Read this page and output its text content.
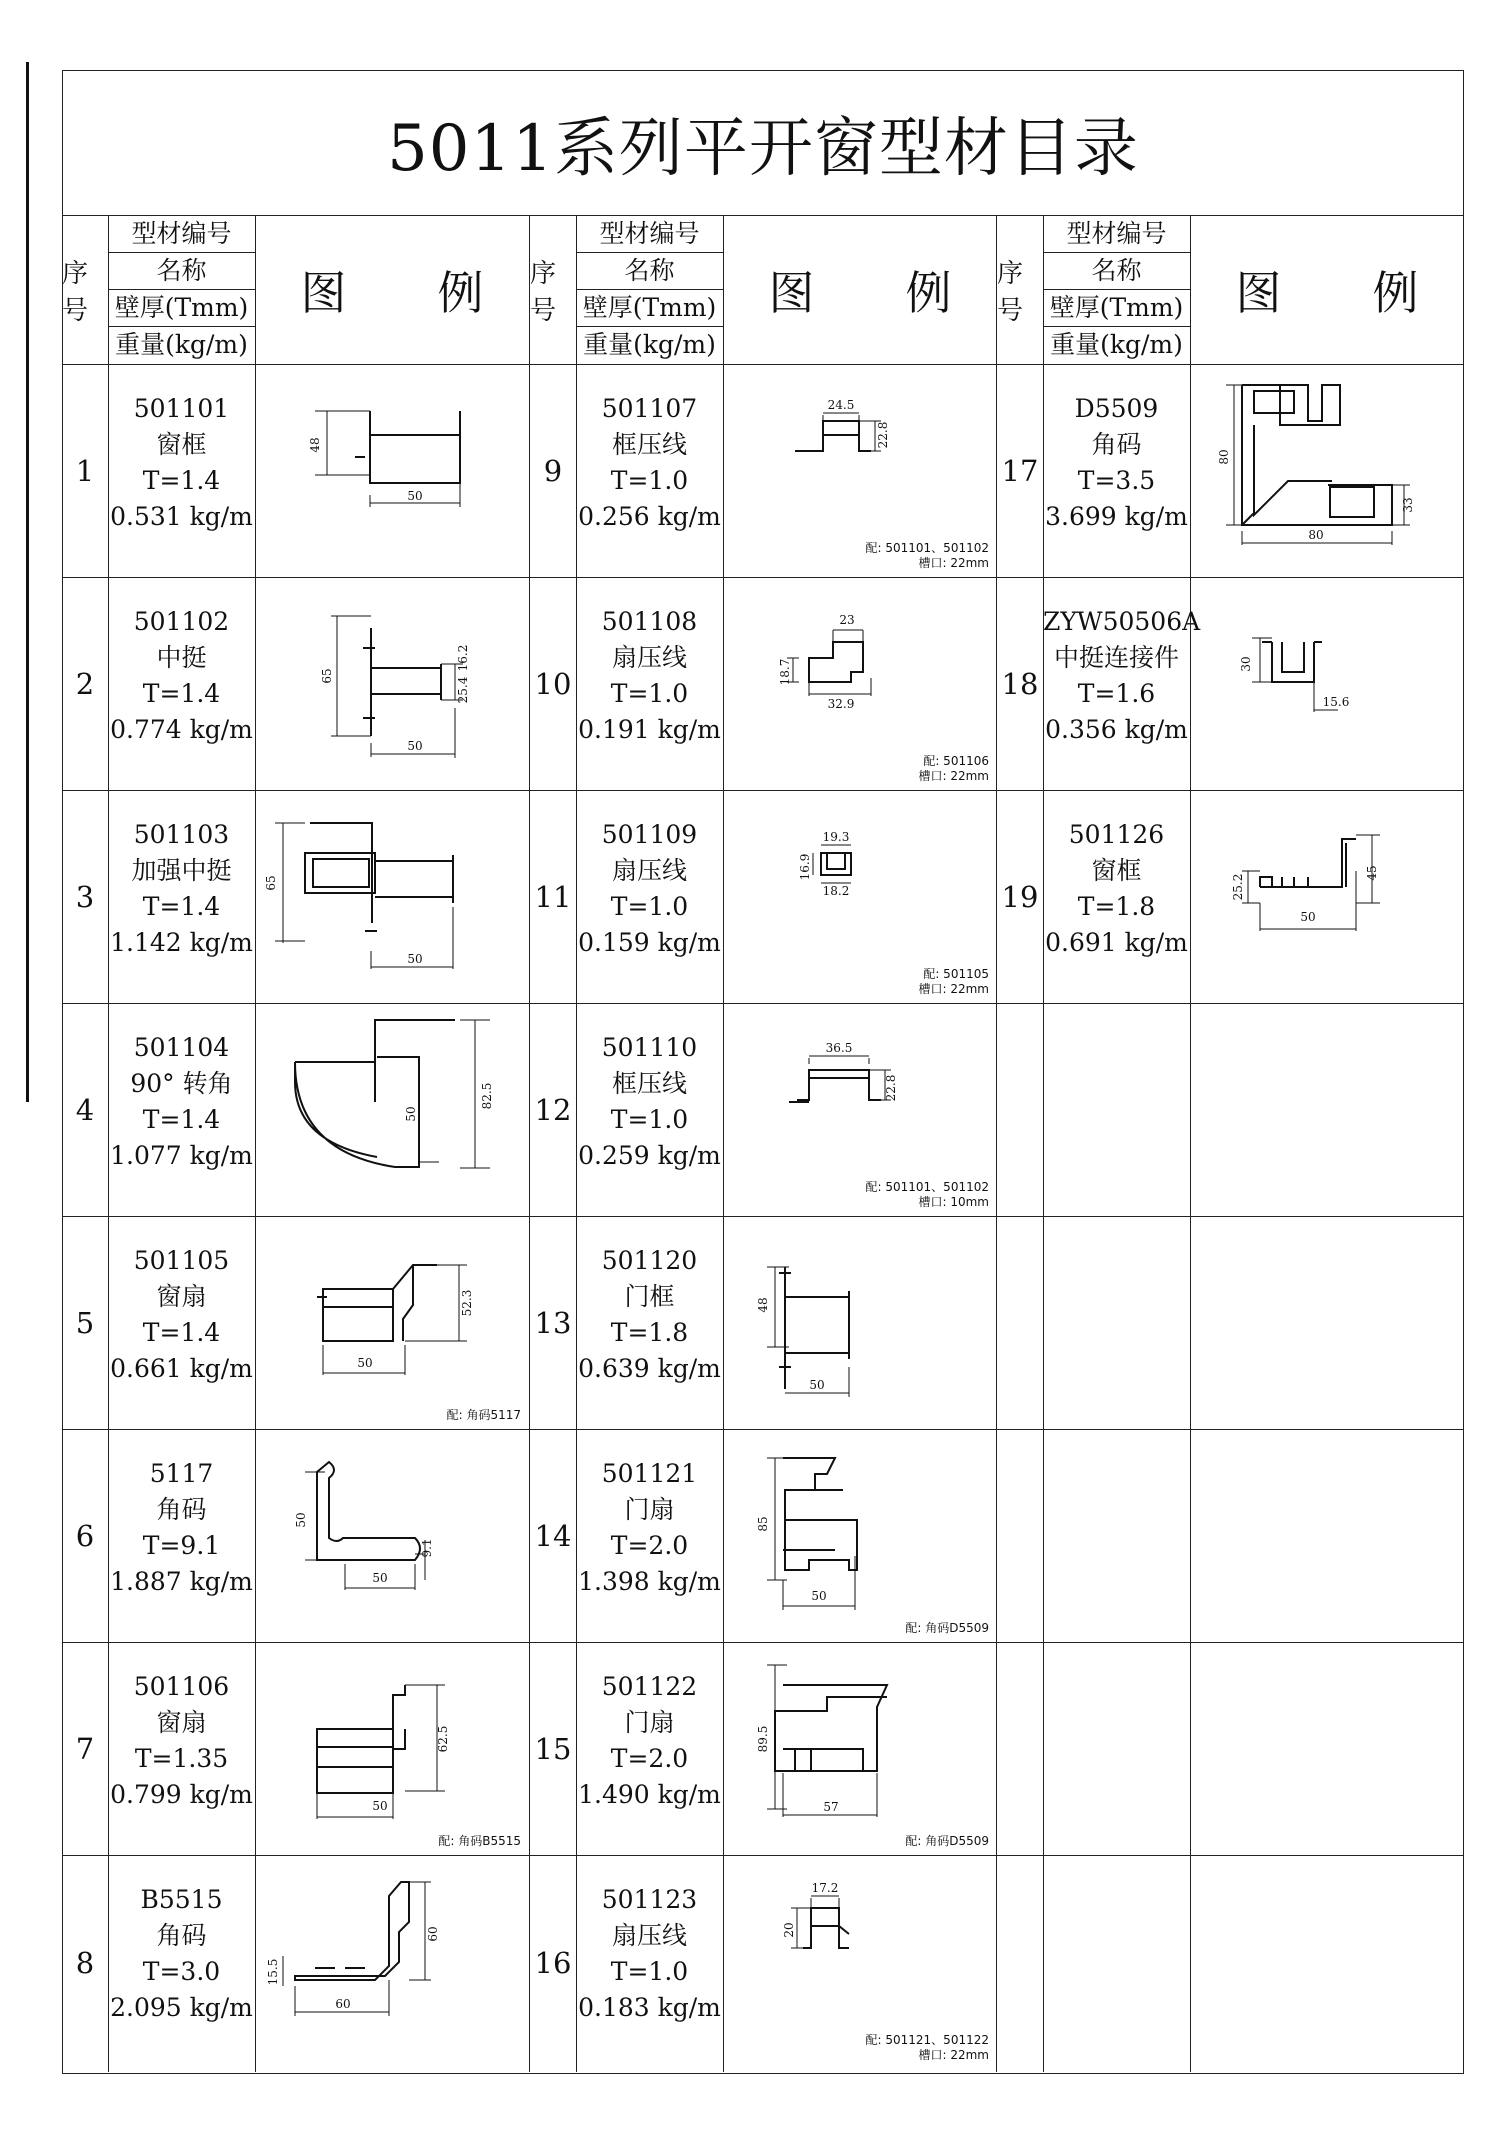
5011系列平开窗型材目录
序号
型材编号
名称
壁厚(Tmm)
重量(kg/m)
图 例
1
501101
窗框
T=1.4
0.531 kg/m
48
50
2
501102
中挺
T=1.4
0.774 kg/m
65
16.2
25.4
50
3
501103
加强中挺
T=1.4
1.142 kg/m
65
50
4
501104
90° 转角
T=1.4
1.077 kg/m
82.5
50
5
501105
窗扇
T=1.4
0.661 kg/m
52.3
50
配: 角码5117
6
5117
角码
T=9.1
1.887 kg/m
50
9.1
50
7
501106
窗扇
T=1.35
0.799 kg/m	50
62.5
配: 角码B5515
8
B5515
角码
T=3.0
2.095 kg/m
15.5
60
60
序号
型材编号
名称
壁厚(Tmm)
重量(kg/m)
图 例
9
501107
框压线
T=1.0
0.256 kg/m
24.5
22.8
配: 501101、501102
槽口: 22mm
10
501108
扇压线
T=1.0
0.191 kg/m
23
18.7
32.9
配: 501106
槽口: 22mm
11
501109
扇压线
T=1.0
0.159 kg/m
19.3
16.9
18.2
配: 501105
槽口: 22mm
12
501110
框压线
T=1.0
0.259 kg/m
36.5
22.8
配: 501101、501102
槽口: 10mm
13
501120
门框
T=1.8
0.639 kg/m
48
50
14
501121
门扇
T=2.0
1.398 kg/m
85
50
配: 角码D5509
15
501122
门扇
T=2.0
1.490 kg/m
89.5
57
配: 角码D5509
16
501123
扇压线
T=1.0
0.183 kg/m
17.2
20
配: 501121、501122
槽口: 22mm
序号
型材编号
名称
壁厚(Tmm)
重量(kg/m)
图 例
17
D5509
角码
T=3.5
3.699 kg/m
80
33
80
18
ZYW50506A
中挺连接件
T=1.6
0.356 kg/m
30
15.6
19
501126
窗框
T=1.8
0.691 kg/m
25.2
45
50
